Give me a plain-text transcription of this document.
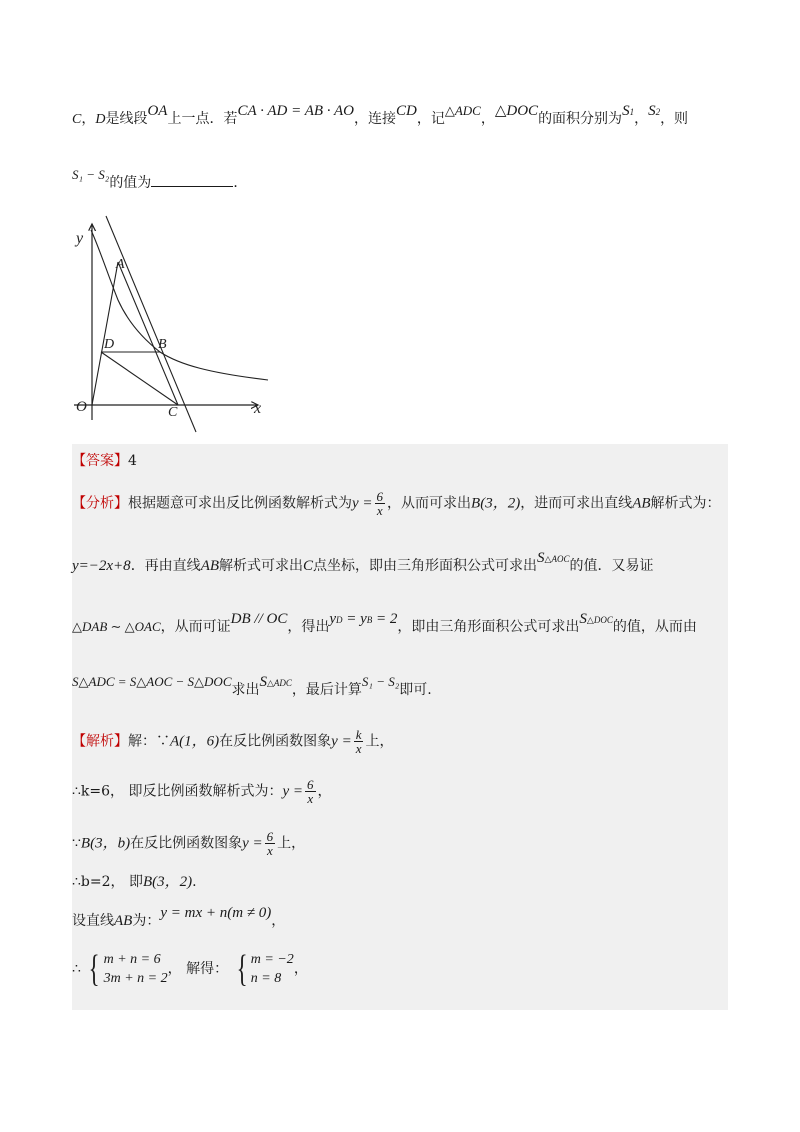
C，D是线段OA上一点．若CA · AD = AB · AO，连接CD，记△ADC，△DOC的面积分别为S1，S2，则
S₁ − S₂的值为	．
y
x
O
A
B
C
D
【答案】4
【分析】根据题意可求出反比例函数解析式为$y = \frac{6}{x}$ ，从而可求出B(3，2)，进而可求出直线AB解析式为：
y=−2x+8．再由直线AB解析式可求出C点坐标，即由三角形面积公式可求出S△AOC的值．又易证
△DAB ∼ △OAC，从而可证DB // OC，得出yD = yB = 2，即由三角形面积公式可求出S△DOC的值，从而由
S△ADC = S△AOC − S△DOC求出S△ADC，最后计算S₁ − S₂即可.
【解析】解：∵A(1，6)在反比例函数图象$y = \frac{k}{x}$ 上，
∴k=6， 即反比例函数解析式为：$y = \frac{6}{x}$ ，
∵B(3，b)在反比例函数图象$y = \frac{6}{x}$ 上，
∴b=2， 即B(3，2).
设直线AB为：y = mx + n(m ≠ 0)，
∴ { m + n = 6
3m + n = 2
， 解得： { m = −2
n = 8
，
